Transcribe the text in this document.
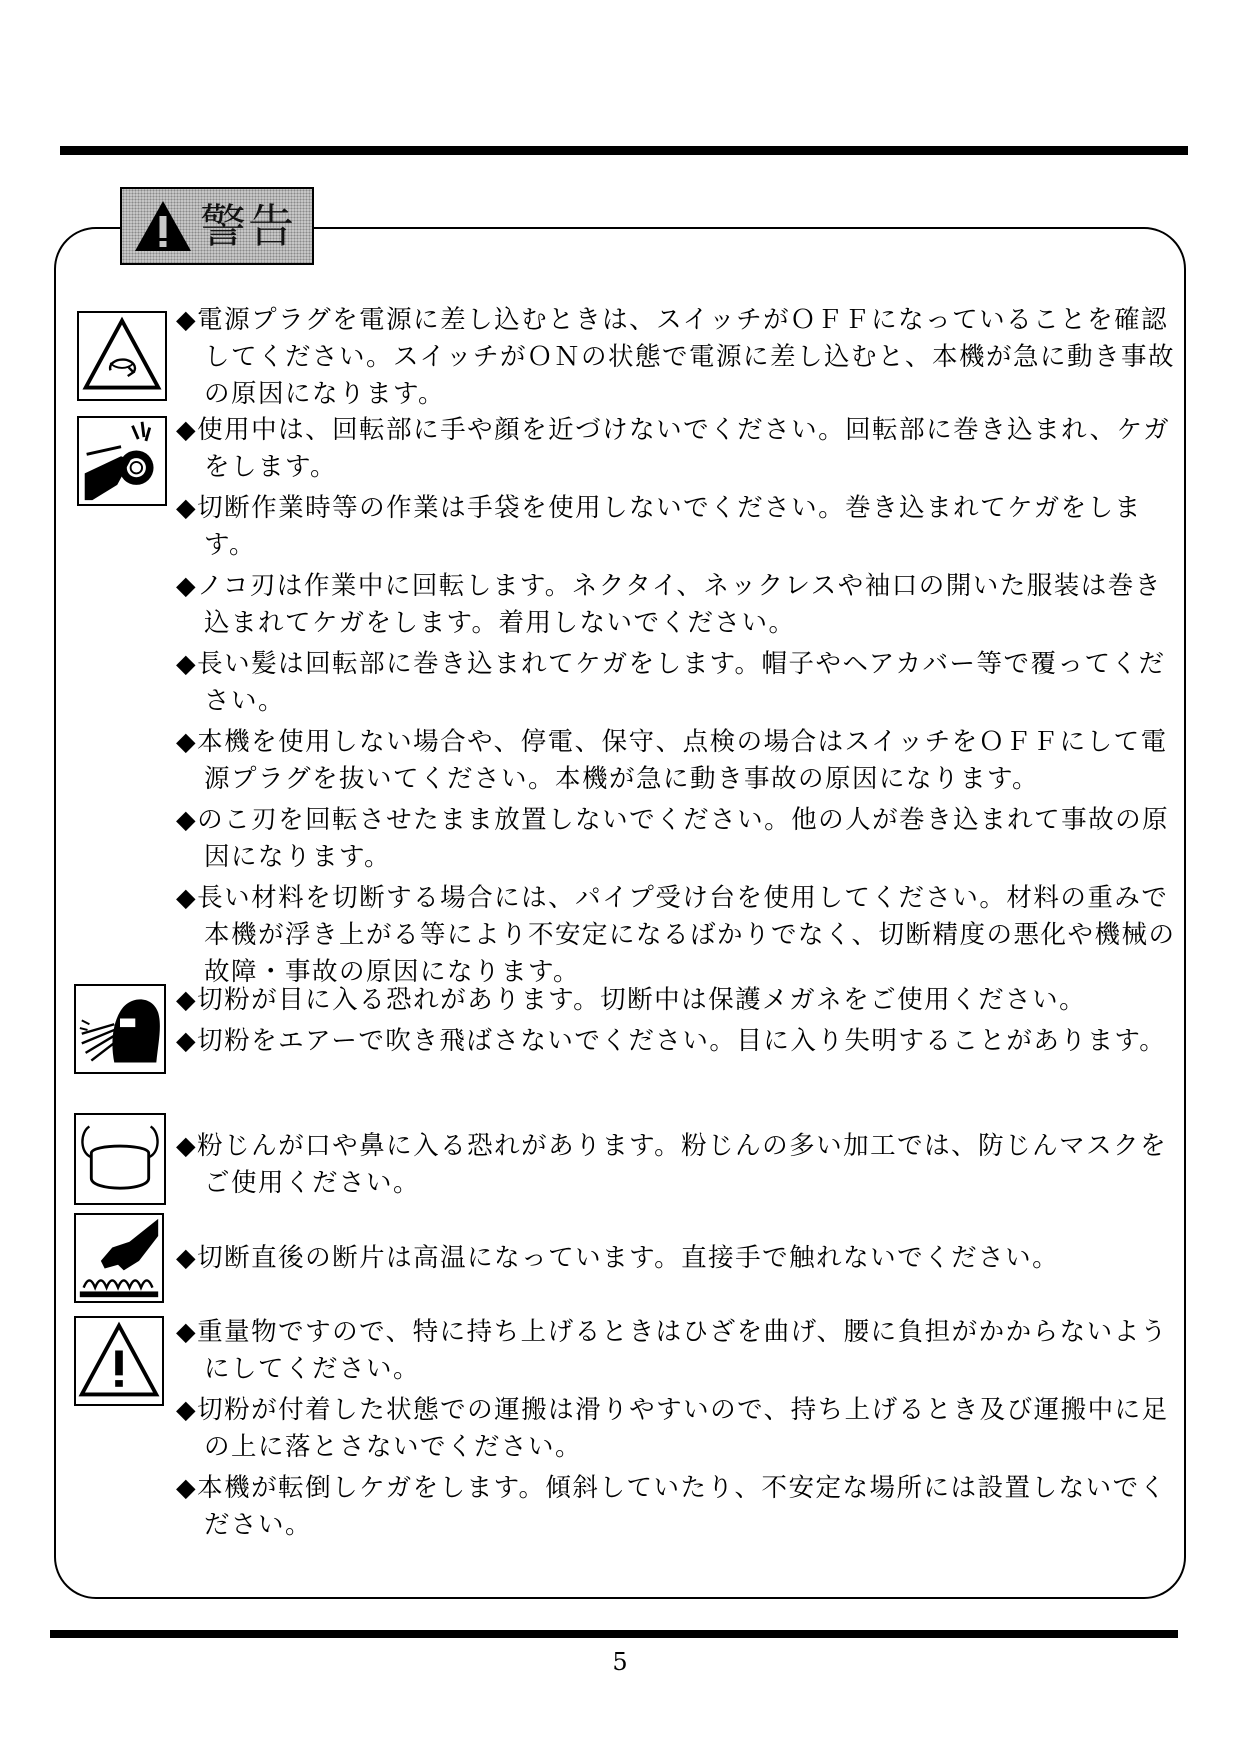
警告

◆電源プラグを電源に差し込むときは、スイッチがＯＦＦになっていることを確認してください。スイッチがＯＮの状態で電源に差し込むと、本機が急に動き事故の原因になります。

◆使用中は、回転部に手や顔を近づけないでください。回転部に巻き込まれ、ケガをします。

◆切断作業時等の作業は手袋を使用しないでください。巻き込まれてケガをします。

◆ノコ刃は作業中に回転します。ネクタイ、ネックレスや袖口の開いた服装は巻き込まれてケガをします。着用しないでください。

◆長い髪は回転部に巻き込まれてケガをします。帽子やヘアカバー等で覆ってください。

◆本機を使用しない場合や、停電、保守、点検の場合はスイッチをＯＦＦにして電源プラグを抜いてください。本機が急に動き事故の原因になります。

◆のこ刃を回転させたまま放置しないでください。他の人が巻き込まれて事故の原因になります。

◆長い材料を切断する場合には、パイプ受け台を使用してください。材料の重みで本機が浮き上がる等により不安定になるばかりでなく、切断精度の悪化や機械の故障・事故の原因になります。

◆切粉が目に入る恐れがあります。切断中は保護メガネをご使用ください。

◆切粉をエアーで吹き飛ばさないでください。目に入り失明することがあります。

◆粉じんが口や鼻に入る恐れがあります。粉じんの多い加工では、防じんマスクをご使用ください。

◆切断直後の断片は高温になっています。直接手で触れないでください。

◆重量物ですので、特に持ち上げるときはひざを曲げ、腰に負担がかからないようにしてください。

◆切粉が付着した状態での運搬は滑りやすいので、持ち上げるとき及び運搬中に足の上に落とさないでください。

◆本機が転倒しケガをします。傾斜していたり、不安定な場所には設置しないでください。

5
